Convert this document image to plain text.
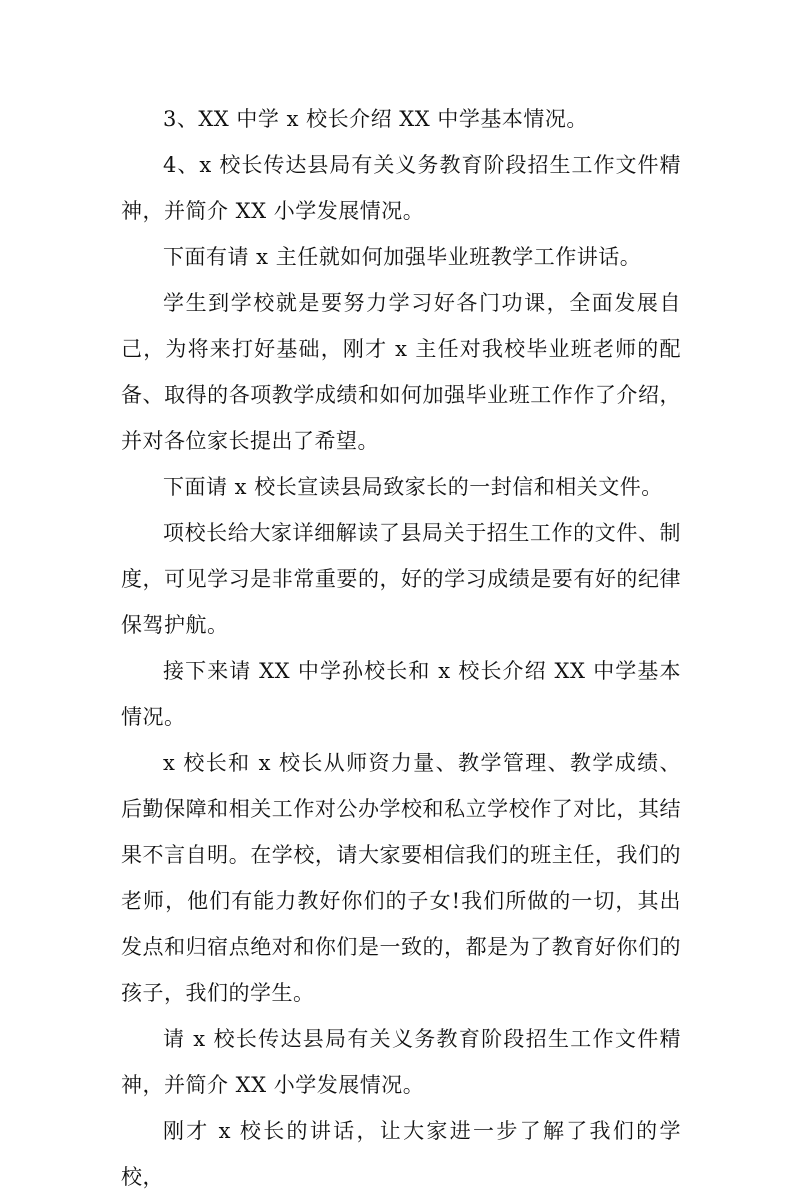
3、XX 中学 x 校长介绍 XX 中学基本情况。

4、x 校长传达县局有关义务教育阶段招生工作文件精神，并简介 XX 小学发展情况。

下面有请 x 主任就如何加强毕业班教学工作讲话。

学生到学校就是要努力学习好各门功课，全面发展自己，为将来打好基础，刚才 x 主任对我校毕业班老师的配备、取得的各项教学成绩和如何加强毕业班工作作了介绍，并对各位家长提出了希望。

下面请 x 校长宣读县局致家长的一封信和相关文件。

项校长给大家详细解读了县局关于招生工作的文件、制度，可见学习是非常重要的，好的学习成绩是要有好的纪律保驾护航。

接下来请 XX 中学孙校长和 x 校长介绍 XX 中学基本情况。

x 校长和 x 校长从师资力量、教学管理、教学成绩、后勤保障和相关工作对公办学校和私立学校作了对比，其结果不言自明。在学校，请大家要相信我们的班主任，我们的老师，他们有能力教好你们的子女!我们所做的一切，其出发点和归宿点绝对和你们是一致的，都是为了教育好你们的孩子，我们的学生。

请 x 校长传达县局有关义务教育阶段招生工作文件精神，并简介 XX 小学发展情况。

刚才 x 校长的讲话，让大家进一步了解了我们的学校，
